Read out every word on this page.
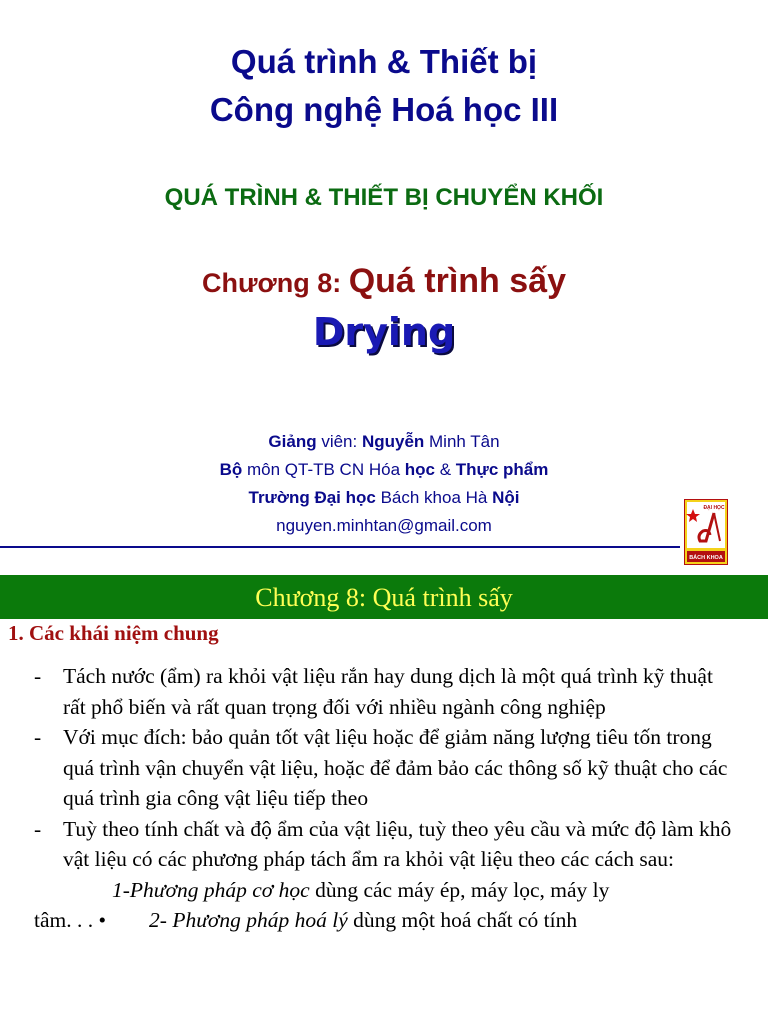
Quá trình & Thiết bị
Công nghệ Hoá học III
QUÁ TRÌNH & THIẾT BỊ CHUYỂN KHỐI
Chương 8: Quá trình sấy
Drying
Giảng viên: Nguyễn Minh Tân
Bộ môn QT-TB CN Hóa học & Thực phẩm
Trường Đại học Bách khoa Hà Nội
nguyen.minhtan@gmail.com
ĐẠI HỌC
BÁCH KHOA
Chương 8: Quá trình sấy
1. Các khái niệm chung
- Tách nước (ẩm) ra khỏi vật liệu rắn hay dung dịch là một quá trình kỹ thuật rất phổ biến và rất quan trọng đối với nhiều ngành công nghiệp
- Với mục đích: bảo quản tốt vật liệu hoặc để giảm năng lượng tiêu tốn trong quá trình vận chuyển vật liệu, hoặc để đảm bảo các thông số kỹ thuật cho các quá trình gia công vật liệu tiếp theo
- Tuỳ theo tính chất và độ ẩm của vật liệu, tuỳ theo yêu cầu và mức độ làm khô vật liệu có các phương pháp tách ẩm ra khỏi vật liệu theo các cách sau:
1-Phương pháp cơ học dùng các máy ép, máy lọc, máy ly
tâm. . . •        2- Phương pháp hoá lý dùng một hoá chất có tính
